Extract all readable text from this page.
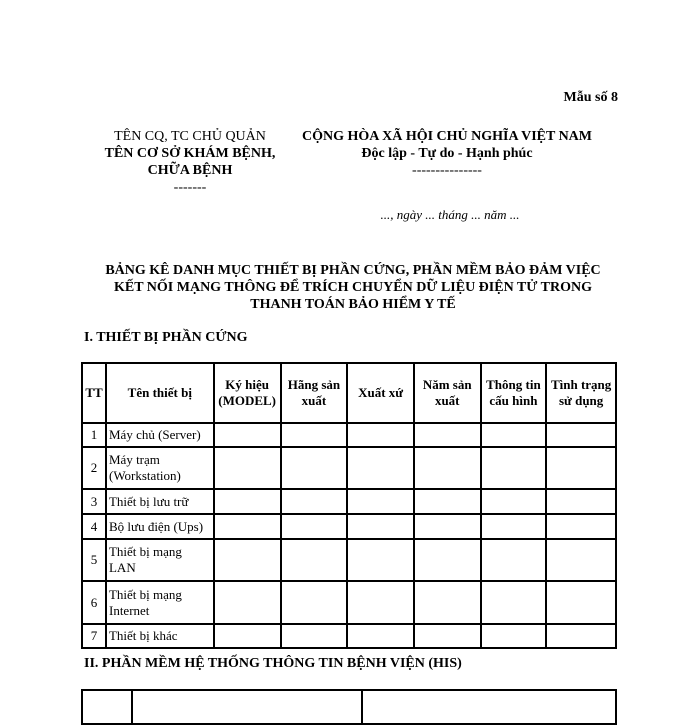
Mẫu số 8
TÊN CQ, TC CHỦ QUẢN
TÊN CƠ SỞ KHÁM BỆNH,
CHỮA BỆNH
-------
CỘNG HÒA XÃ HỘI CHỦ NGHĨA VIỆT NAM
Độc lập - Tự do - Hạnh phúc
---------------
..., ngày ... tháng ... năm ...
BẢNG KÊ DANH MỤC THIẾT BỊ PHẦN CỨNG, PHẦN MỀM BẢO ĐẢM VIỆC
KẾT NỐI MẠNG THÔNG ĐỂ TRÍCH CHUYỂN DỮ LIỆU ĐIỆN TỬ TRONG
THANH TOÁN BẢO HIỂM Y TẾ
I. THIẾT BỊ PHẦN CỨNG
TT	Tên thiết bị	Ký hiệu (MODEL)	Hãng sản xuất	Xuất xứ	Năm sản xuất	Thông tin cấu hình	Tình trạng sử dụng
1	Máy chủ (Server)						
2	Máy trạm (Workstation)						
3	Thiết bị lưu trữ						
4	Bộ lưu điện (Ups)						
5	Thiết bị mạng LAN						
6	Thiết bị mạng Internet						
7	Thiết bị khác						
II. PHẦN MỀM HỆ THỐNG THÔNG TIN BỆNH VIỆN (HIS)
